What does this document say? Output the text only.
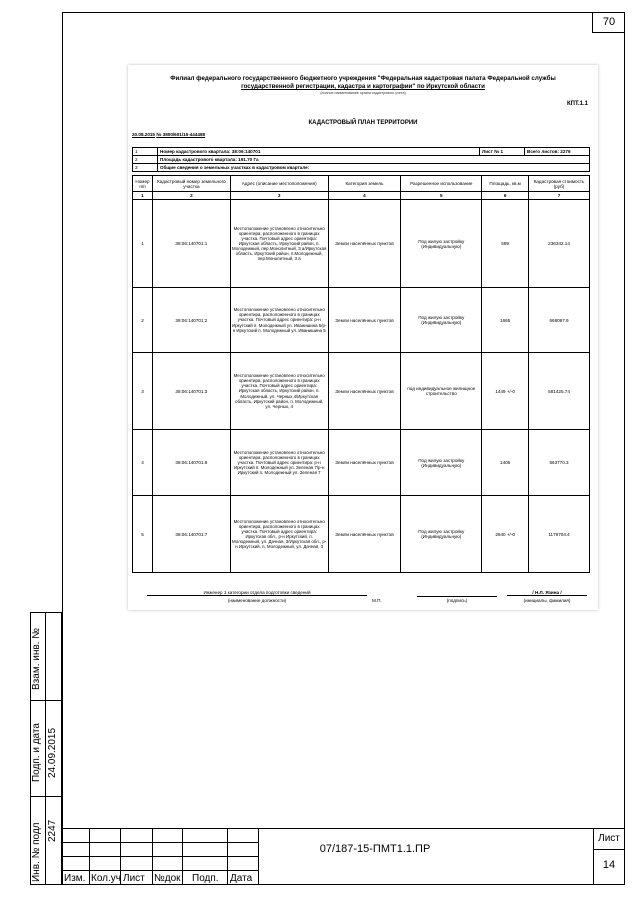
70
Взам. инв. №
Подп. и дата 24.09.2015
Инв. № подл 2247
Филиал федерального государственного бюджетного учреждения "Федеральная кадастровая палата Федеральной службы
государственной регистрации, кадастра и картографии" по Иркутской области
(полное наименование органа кадастрового учета)
КПТ.1.1
КАДАСТРОВЫЙ ПЛАН ТЕРРИТОРИИ
20.08.2015 № 3800/601/15-444488
1	Номер кадастрового квартала: 38:06:140701	Лист № 1	Всего листов: 2276
2	Площадь кадастрового квартала: 191.70 Га		
3	Общие сведения о земельных участках в кадастровом квартале:		
Номер п/п	Кадастровый номер земельного участка	Адрес (описание местоположения)	Категория земель	Разрешенное использование	Площадь, кв.м	Кадастровая стоимость (руб)
1	2	3	4	5	6	7
1	38:06:140701:1	Местоположение установлено относительно ориентира, расположенного в границах участка. Почтовый адрес ориентира: Иркутская область, Иркутский район, п. Молодежный, пер.Монолитный, 3 а/Иркутская область, Иркутский район, п.Молодежный, пер.Монолитный, 3 а	Земли населённых пунктов	Под жилую застройку (Индивидуальную)	589	236342.14
2	38:06:140701:2	Местоположение установлено относительно ориентира, расположенного в границах участка. Почтовый адрес ориентира: р-н Иркутский п. Молодежный ул. Иванишина 5/р-н Иркутский п. Молодежный ул. Иванишина 5	Земли населённых пунктов	Под жилую застройку (Индивидуальную)	1665	668097.9
3	38:06:140701:3	Местоположение установлено относительно ориентира, расположенного в границах участка. Почтовый адрес ориентира: Иркутская область, Иркутский район, п. Молодежный, ул. Черных,4/Иркутская область, Иркутский район, п. Молодежный, ул. Черных, 4	Земли населённых пунктов	под индивидуальное жилищное строительство	1449 +/-0	581425.74
4	38:06:140701:6	Местоположение установлено относительно ориентира, расположенного в границах участка. Почтовый адрес ориентира: р-н Иркутский п. Молодежный ул. Зеленая 7/р-н Иркутский п. Молодежный ул. Зеленая 7	Земли населённых пунктов	Под жилую застройку (Индивидуальную)	1405	563770.3
5	38:06:140701:7	Местоположение установлено относительно ориентира, расположенного в границах участка. Почтовый адрес ориентира: Иркутская обл., р-н Иркутский, п. Молодежный, ул. Дачная, 3/Иркутская обл., р-н Иркутский, п. Молодежный, ул. Дачная, 3	Земли населённых пунктов	Под жилую застройку (Индивидуальную)	2940 +/-0	1179704.4
Инженер 1 категории отдела подготовки сведений
(наименование должности)	М.П.	(подпись)
/ Н.Л. Язина /
(инициалы, фамилия)
Изм. Кол.уч Лист №док Подп. Дата
07/187-15-ПМТ1.1.ПР
Лист
14
